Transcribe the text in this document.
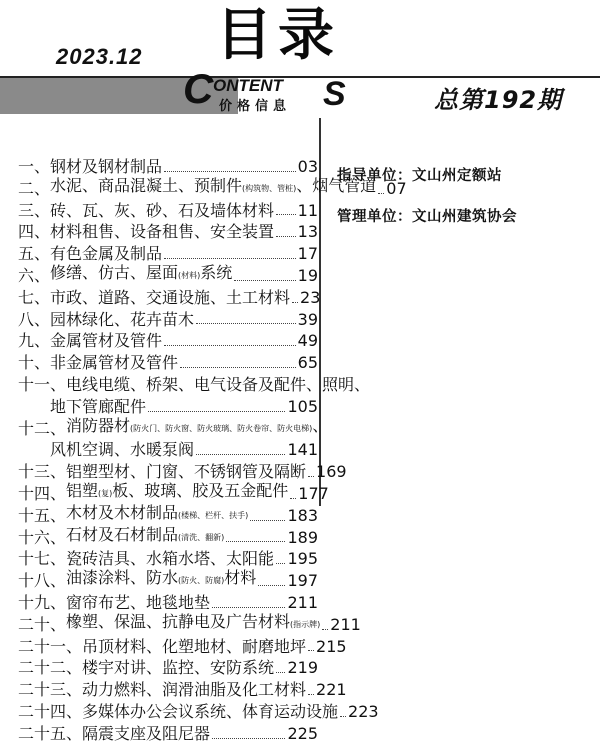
2023.12 目录
C ONTENT S
价格信息	总第192期
指导单位：文山州定额站
管理单位：文山州建筑协会
一、 钢材及钢材制品	03
二、 水泥、商品混凝土、预制件(构筑物、管桩)、烟气管道 07
三、 砖、瓦、灰、砂、石及墙体材料 11
四、 材料租售、设备租售、安全装置 13
五、 有色金属及制品	17
六、 修缮、仿古、屋面(材料)系统	19
七、 市政、道路、交通设施、土工材料 23
八、 园林绿化、花卉苗木	39
九、 金属管材及管件	49
十、 非金属管材及管件	65
十一、 电线电缆、桥架、电气设备及配件、照明、
地下管廊配件	105
十二、 消防器材(防火门、防火窗、防火玻璃、防火卷帘、防火电梯)、
风机空调、水暖泵阀	141
十三、 铝塑型材、门窗、不锈钢管及隔断 169
十四、 铝塑(复)板、玻璃、胶及五金配件 177
十五、 木材及木材制品(楼梯、栏杆、扶手) 183
十六、 石材及石材制品(清洗、翻新)	189
十七、 瓷砖洁具、水箱水塔、太阳能 195
十八、 油漆涂料、防水(防火、防腐)材料 197
十九、 窗帘布艺、地毯地垫	211
二十、 橡塑、保温、抗静电及广告材料(指示牌) 211
二十一、 吊顶材料、化塑地材、耐磨地坪 215
二十二、 楼宇对讲、监控、安防系统 219
二十三、 动力燃料、润滑油脂及化工材料 221
二十四、 多媒体办公会议系统、体育运动设施 223
二十五、 隔震支座及阻尼器	225
